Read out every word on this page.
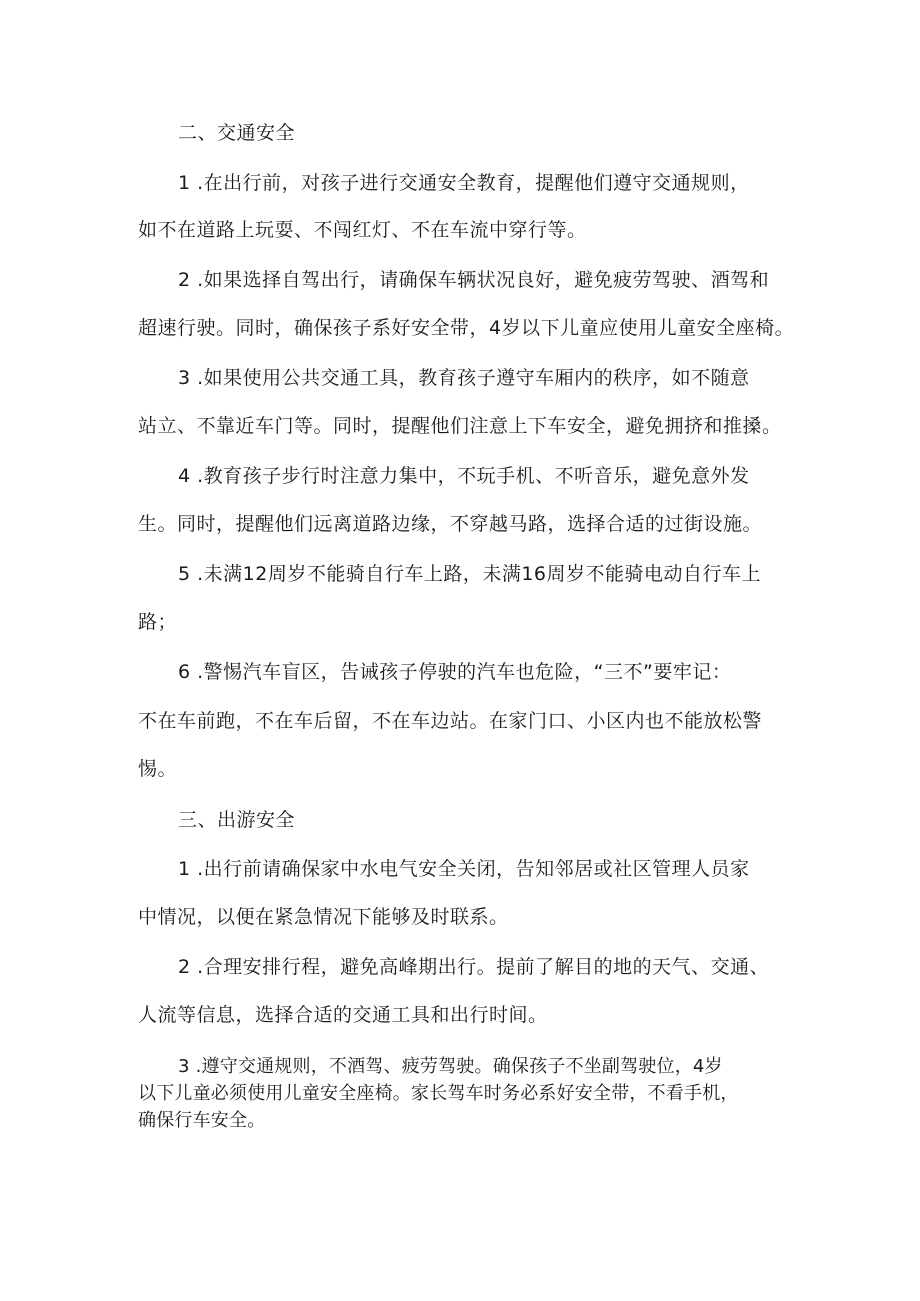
二、交通安全
1 .在出行前，对孩子进行交通安全教育，提醒他们遵守交通规则，
如不在道路上玩耍、不闯红灯、不在车流中穿行等。
2 .如果选择自驾出行，请确保车辆状况良好，避免疲劳驾驶、酒驾和
超速行驶。同时，确保孩子系好安全带，4岁以下儿童应使用儿童安全座椅。
3 .如果使用公共交通工具，教育孩子遵守车厢内的秩序，如不随意
站立、不靠近车门等。同时，提醒他们注意上下车安全，避免拥挤和推搡。
4 .教育孩子步行时注意力集中，不玩手机、不听音乐，避免意外发
生。同时，提醒他们远离道路边缘，不穿越马路，选择合适的过街设施。
5 .未满12周岁不能骑自行车上路，未满16周岁不能骑电动自行车上
路；
6 .警惕汽车盲区，告诫孩子停驶的汽车也危险，“三不”要牢记：
不在车前跑，不在车后留，不在车边站。在家门口、小区内也不能放松警
惕。
三、出游安全
1 .出行前请确保家中水电气安全关闭，告知邻居或社区管理人员家
中情况，以便在紧急情况下能够及时联系。
2 .合理安排行程，避免高峰期出行。提前了解目的地的天气、交通、
人流等信息，选择合适的交通工具和出行时间。
3 .遵守交通规则，不酒驾、疲劳驾驶。确保孩子不坐副驾驶位，4岁
以下儿童必须使用儿童安全座椅。家长驾车时务必系好安全带，不看手机，
确保行车安全。
